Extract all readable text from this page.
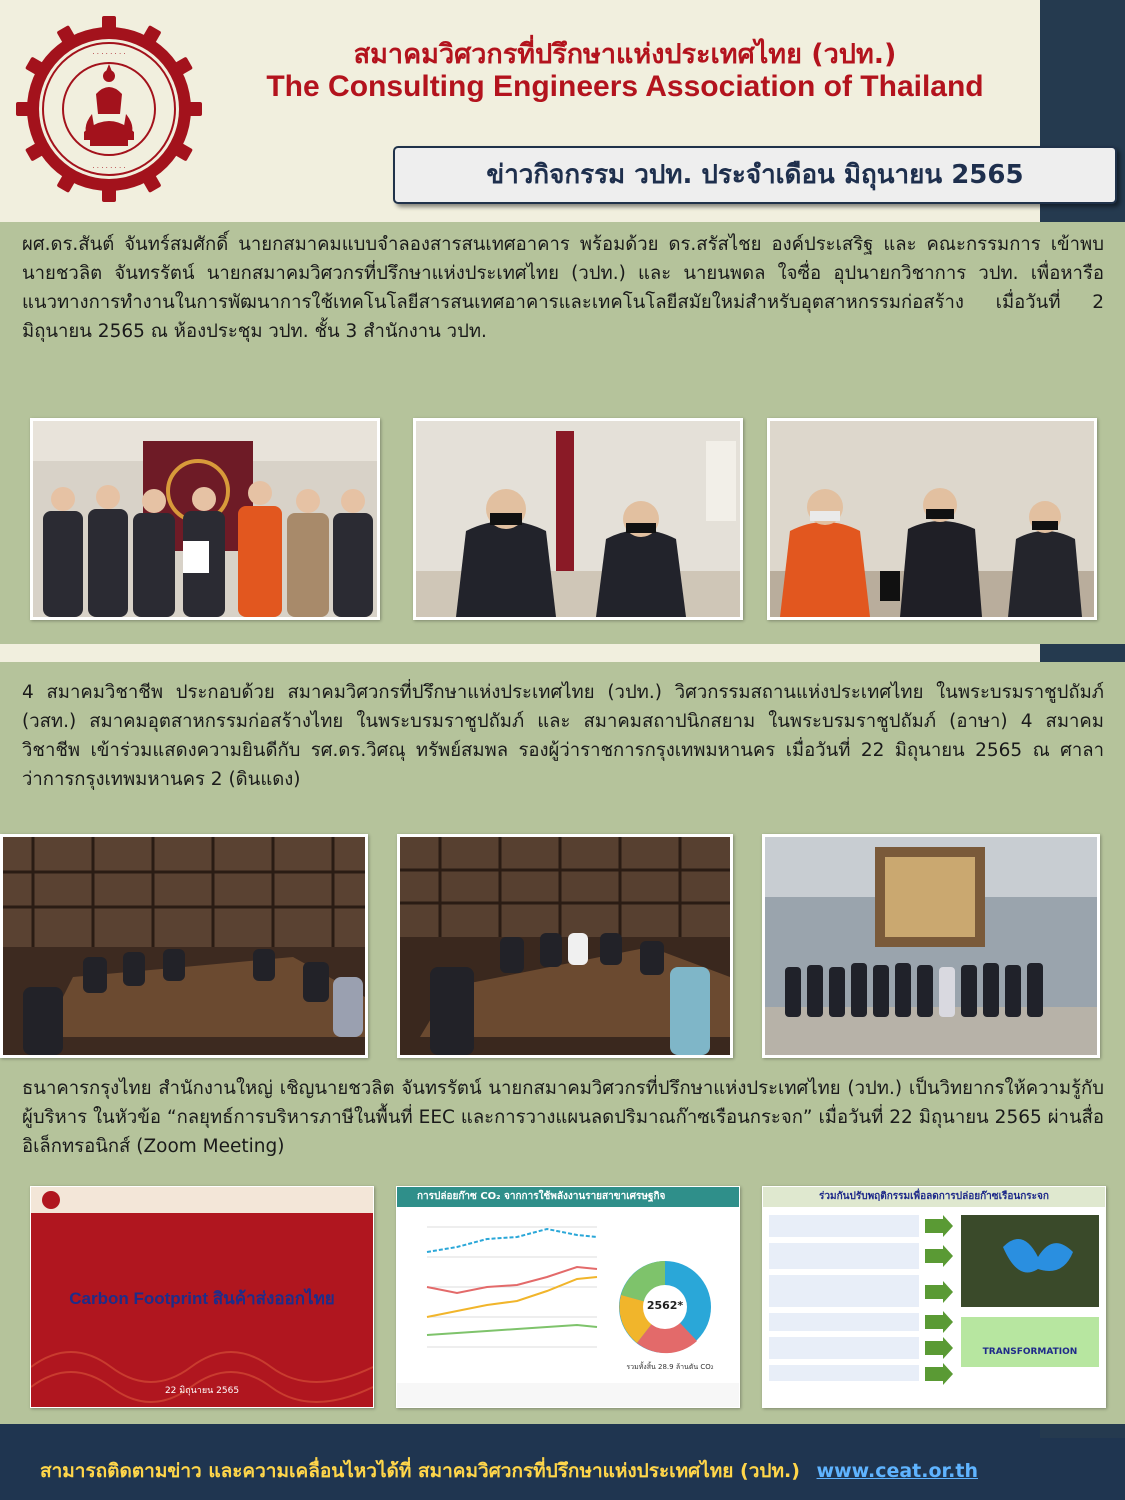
· · · · · · · ·
· · · · · · · ·
สมาคมวิศวกรที่ปรึกษาแห่งประเทศไทย (วปท.)
The Consulting Engineers Association of Thailand
ข่าวกิจกรรม วปท. ประจำเดือน มิถุนายน 2565
ผศ.ดร.สันต์ จันทร์สมศักดิ์ นายกสมาคมแบบจำลองสารสนเทศอาคาร พร้อมด้วย ดร.สรัสไชย องค์ประเสริฐ และ คณะกรรมการ เข้าพบ นายชวลิต จันทรรัตน์ นายกสมาคมวิศวกรที่ปรึกษาแห่งประเทศไทย (วปท.) และ นายนพดล ใจซื่อ อุปนายกวิชาการ วปท. เพื่อหารือแนวทางการทำงานในการพัฒนาการใช้เทคโนโลยีสารสนเทศอาคารและเทคโนโลยีสมัยใหม่สำหรับอุตสาหกรรมก่อสร้าง เมื่อวันที่ 2 มิถุนายน 2565 ณ ห้องประชุม วปท. ชั้น 3 สำนักงาน วปท.
4 สมาคมวิชาชีพ ประกอบด้วย สมาคมวิศวกรที่ปรึกษาแห่งประเทศไทย (วปท.) วิศวกรรมสถานแห่งประเทศไทย ในพระบรมราชูปถัมภ์ (วสท.) สมาคมอุตสาหกรรมก่อสร้างไทย ในพระบรมราชูปถัมภ์ และ สมาคมสถาปนิกสยาม ในพระบรมราชูปถัมภ์ (อาษา) 4 สมาคมวิชาชีพ เข้าร่วมแสดงความยินดีกับ รศ.ดร.วิศณุ ทรัพย์สมพล รองผู้ว่าราชการกรุงเทพมหานคร เมื่อวันที่ 22 มิถุนายน 2565 ณ ศาลาว่าการกรุงเทพมหานคร 2 (ดินแดง)
ธนาคารกรุงไทย สำนักงานใหญ่ เชิญนายชวลิต จันทรรัตน์ นายกสมาคมวิศวกรที่ปรึกษาแห่งประเทศไทย (วปท.) เป็นวิทยากรให้ความรู้กับผู้บริหาร ในหัวข้อ “กลยุทธ์การบริหารภาษีในพื้นที่ EEC และการวางแผนลดปริมาณก๊าซเรือนกระจก” เมื่อวันที่ 22 มิถุนายน 2565 ผ่านสื่ออิเล็กทรอนิกส์ (Zoom Meeting)
Carbon Footprint สินค้าส่งออกไทย
22 มิถุนายน 2565
การปล่อยก๊าซ CO₂ จากการใช้พลังงานรายสาขาเศรษฐกิจ
2562*
รวมทั้งสิ้น 28.9 ล้านตัน CO₂
ร่วมกันปรับพฤติกรรมเพื่อลดการปล่อยก๊าซเรือนกระจก
TRANSFORMATION
สามารถติดตามข่าว และความเคลื่อนไหวได้ที่ สมาคมวิศวกรที่ปรึกษาแห่งประเทศไทย (วปท.) www.ceat.or.th
